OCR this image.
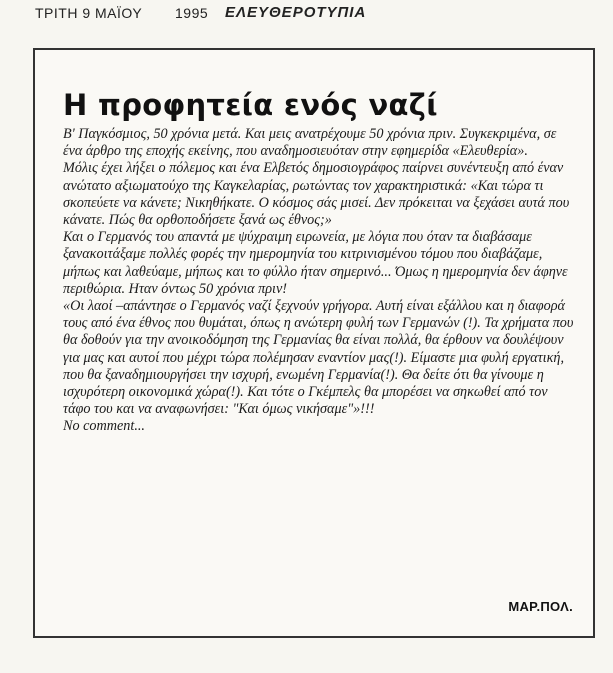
ΤΡΙΤΗ 9 ΜΑΪΟΥ 1995 ΕΛΕΥΘΕΡΟΤΥΠΙΑ
Η προφητεία ενός ναζί

Β' Παγκόσμιος, 50 χρόνια μετά. Και μεις ανατρέχουμε 50 χρόνια πριν. Συγκεκριμένα, σε ένα άρθρο της εποχής εκείνης, που αναδημοσιευόταν στην εφημερίδα «Ελευθερία».

Μόλις έχει λήξει ο πόλεμος και ένα Ελβετός δημοσιογράφος παίρνει συνέντευξη από έναν ανώτατο αξιωματούχο της Καγκελαρίας, ρωτώντας τον χαρακτηριστικά: «Και τώρα τι σκοπεύετε να κάνετε; Νικηθήκατε. Ο κόσμος σάς μισεί. Δεν πρόκειται να ξεχάσει αυτά που κάνατε. Πώς θα ορθοποδήσετε ξανά ως έθνος;»

Και ο Γερμανός του απαντά με ψύχραιμη ειρωνεία, με λόγια που όταν τα διαβάσαμε ξανακοιτάξαμε πολλές φορές την ημερομηνία του κιτρινισμένου τόμου που διαβάζαμε, μήπως και λαθεύαμε, μήπως και το φύλλο ήταν σημερινό... Όμως η ημερομηνία δεν άφηνε περιθώρια. Ηταν όντως 50 χρόνια πριν!

«Οι λαοί –απάντησε ο Γερμανός ναζί ξεχνούν γρήγορα. Αυτή είναι εξάλλου και η διαφορά τους από ένα έθνος που θυμάται, όπως η ανώτερη φυλή των Γερμανών (!). Τα χρήματα που θα δοθούν για την ανοικοδόμηση της Γερμανίας θα είναι πολλά, θα έρθουν να δουλέψουν για μας και αυτοί που μέχρι τώρα πολέμησαν εναντίον μας(!). Είμαστε μια φυλή εργατική, που θα ξαναδημιουργήσει την ισχυρή, ενωμένη Γερμανία(!). Θα δείτε ότι θα γίνουμε η ισχυρότερη οικονομικά χώρα(!). Και τότε ο Γκέμπελς θα μπορέσει να σηκωθεί από τον τάφο του και να αναφωνήσει: "Και όμως νικήσαμε"»!!!

No comment...

ΜΑΡ.ΠΟΛ.
